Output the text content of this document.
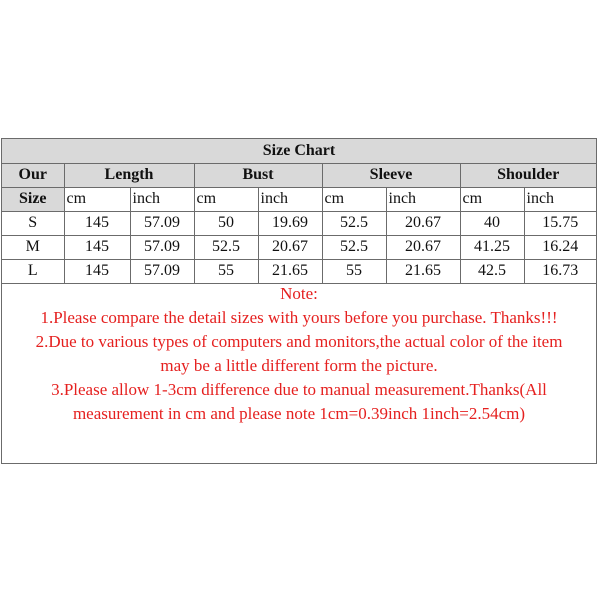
Size Chart								
Our	Length		Bust		Sleeve		Shoulder	
Size	cm	inch	cm	inch	cm	inch	cm	inch
S	145	57.09	50	19.69	52.5	20.67	40	15.75
M	145	57.09	52.5	20.67	52.5	20.67	41.25	16.24
L	145	57.09	55	21.65	55	21.65	42.5	16.73
Note:
1.Please compare the detail sizes with yours before you purchase. Thanks!!!
2.Due to various types of computers and monitors,the actual color of the item
may be a little different form the picture.
3.Please allow 1-3cm difference due to manual measurement.Thanks(All
measurement in cm and please note 1cm=0.39inch 1inch=2.54cm)
